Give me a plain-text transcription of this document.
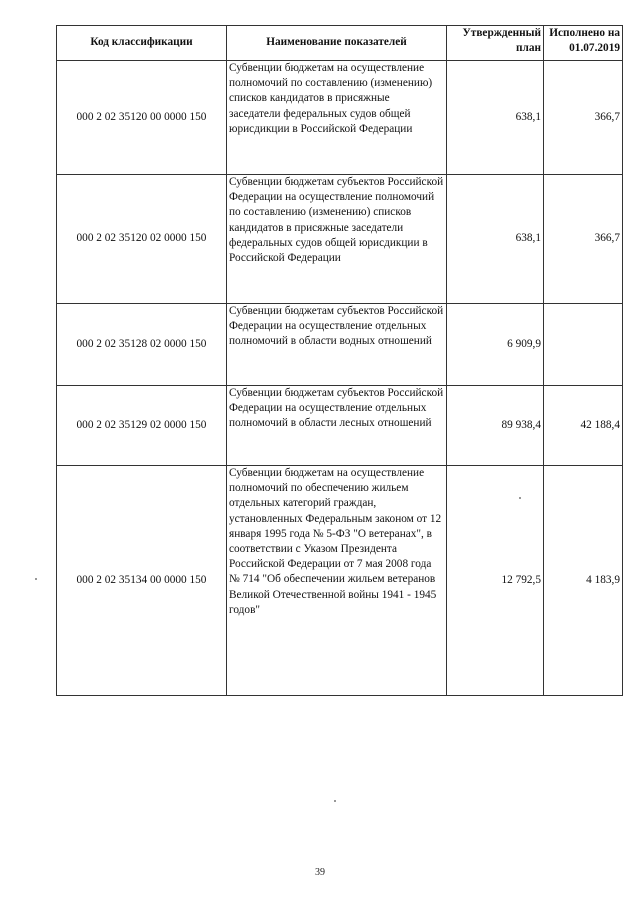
Код классификации	Наименование показателей	Утвержденный план	Исполнено на 01.07.2019
000 2 02 35120 00 0000 150	Субвенции бюджетам на осуществление полномочий по составлению (изменению) списков кандидатов в присяжные заседатели федеральных судов общей юрисдикции в Российской Федерации	638,1	366,7
000 2 02 35120 02 0000 150	Субвенции бюджетам субъектов Российской Федерации на осуществление полномочий по составлению (изменению) списков кандидатов в присяжные заседатели федеральных судов общей юрисдикции в Российской Федерации	638,1	366,7
000 2 02 35128 02 0000 150	Субвенции бюджетам субъектов Российской Федерации на осуществление отдельных полномочий в области водных отношений	6 909,9	
000 2 02 35129 02 0000 150	Субвенции бюджетам субъектов Российской Федерации на осуществление отдельных полномочий в области лесных отношений	89 938,4	42 188,4
000 2 02 35134 00 0000 150	Субвенции бюджетам на осуществление полномочий по обеспечению жильем отдельных категорий граждан, установленных Федеральным законом от 12 января 1995 года № 5-ФЗ "О ветеранах", в соответствии с Указом Президента Российской Федерации от 7 мая 2008 года № 714 "Об обеспечении жильем ветеранов Великой Отечественной войны 1941 - 1945 годов"	12 792,5	4 183,9
39
